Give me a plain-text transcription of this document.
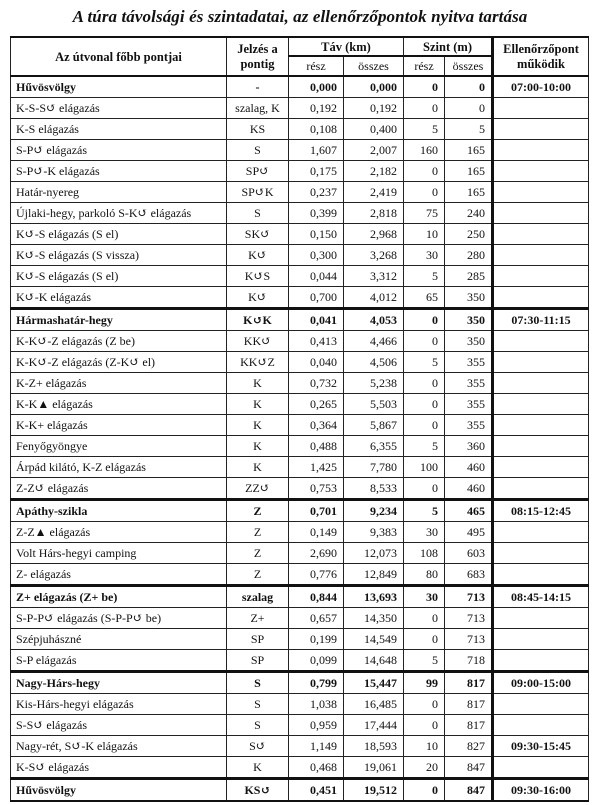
A túra távolsági és szintadatai, az ellenőrzőpontok nyitva tartása
Az útvonal főbb pontjai	Jelzés a pontig	Táv (km)		Szint (m)		Ellenőrzőpont működik
		rész	összes	rész	összes	
Hűvösvölgy	-	0,000	0,000	0	0	07:00-10:00
K-S-S↺ elágazás	szalag, K	0,192	0,192	0	0	
K-S elágazás	KS	0,108	0,400	5	5	
S-P↺ elágazás	S	1,607	2,007	160	165	
S-P↺-K elágazás	SP↺	0,175	2,182	0	165	
Határ-nyereg	SP↺K	0,237	2,419	0	165	
Újlaki-hegy, parkoló S-K↺ elágazás	S	0,399	2,818	75	240	
K↺-S elágazás (S el)	SK↺	0,150	2,968	10	250	
K↺-S elágazás (S vissza)	K↺	0,300	3,268	30	280	
K↺-S elágazás (S el)	K↺S	0,044	3,312	5	285	
K↺-K elágazás	K↺	0,700	4,012	65	350	
Hármashatár-hegy	K↺K	0,041	4,053	0	350	07:30-11:15
K-K↺-Z elágazás (Z be)	KK↺	0,413	4,466	0	350	
K-K↺-Z elágazás (Z-K↺ el)	KK↺Z	0,040	4,506	5	355	
K-Z+ elágazás	K	0,732	5,238	0	355	
K-K▲ elágazás	K	0,265	5,503	0	355	
K-K+ elágazás	K	0,364	5,867	0	355	
Fenyőgyöngye	K	0,488	6,355	5	360	
Árpád kilátó, K-Z elágazás	K	1,425	7,780	100	460	
Z-Z↺ elágazás	ZZ↺	0,753	8,533	0	460	
Apáthy-szikla	Z	0,701	9,234	5	465	08:15-12:45
Z-Z▲ elágazás	Z	0,149	9,383	30	495	
Volt Hárs-hegyi camping	Z	2,690	12,073	108	603	
Z- elágazás	Z	0,776	12,849	80	683	
Z+ elágazás (Z+ be)	szalag	0,844	13,693	30	713	08:45-14:15
S-P-P↺ elágazás (S-P-P↺ be)	Z+	0,657	14,350	0	713	
Szépjuhászné	SP	0,199	14,549	0	713	
S-P elágazás	SP	0,099	14,648	5	718	
Nagy-Hárs-hegy	S	0,799	15,447	99	817	09:00-15:00
Kis-Hárs-hegyi elágazás	S	1,038	16,485	0	817	
S-S↺ elágazás	S	0,959	17,444	0	817	
Nagy-rét, S↺-K elágazás	S↺	1,149	18,593	10	827	09:30-15:45
K-S↺ elágazás	K	0,468	19,061	20	847	
Hűvösvölgy	KS↺	0,451	19,512	0	847	09:30-16:00
